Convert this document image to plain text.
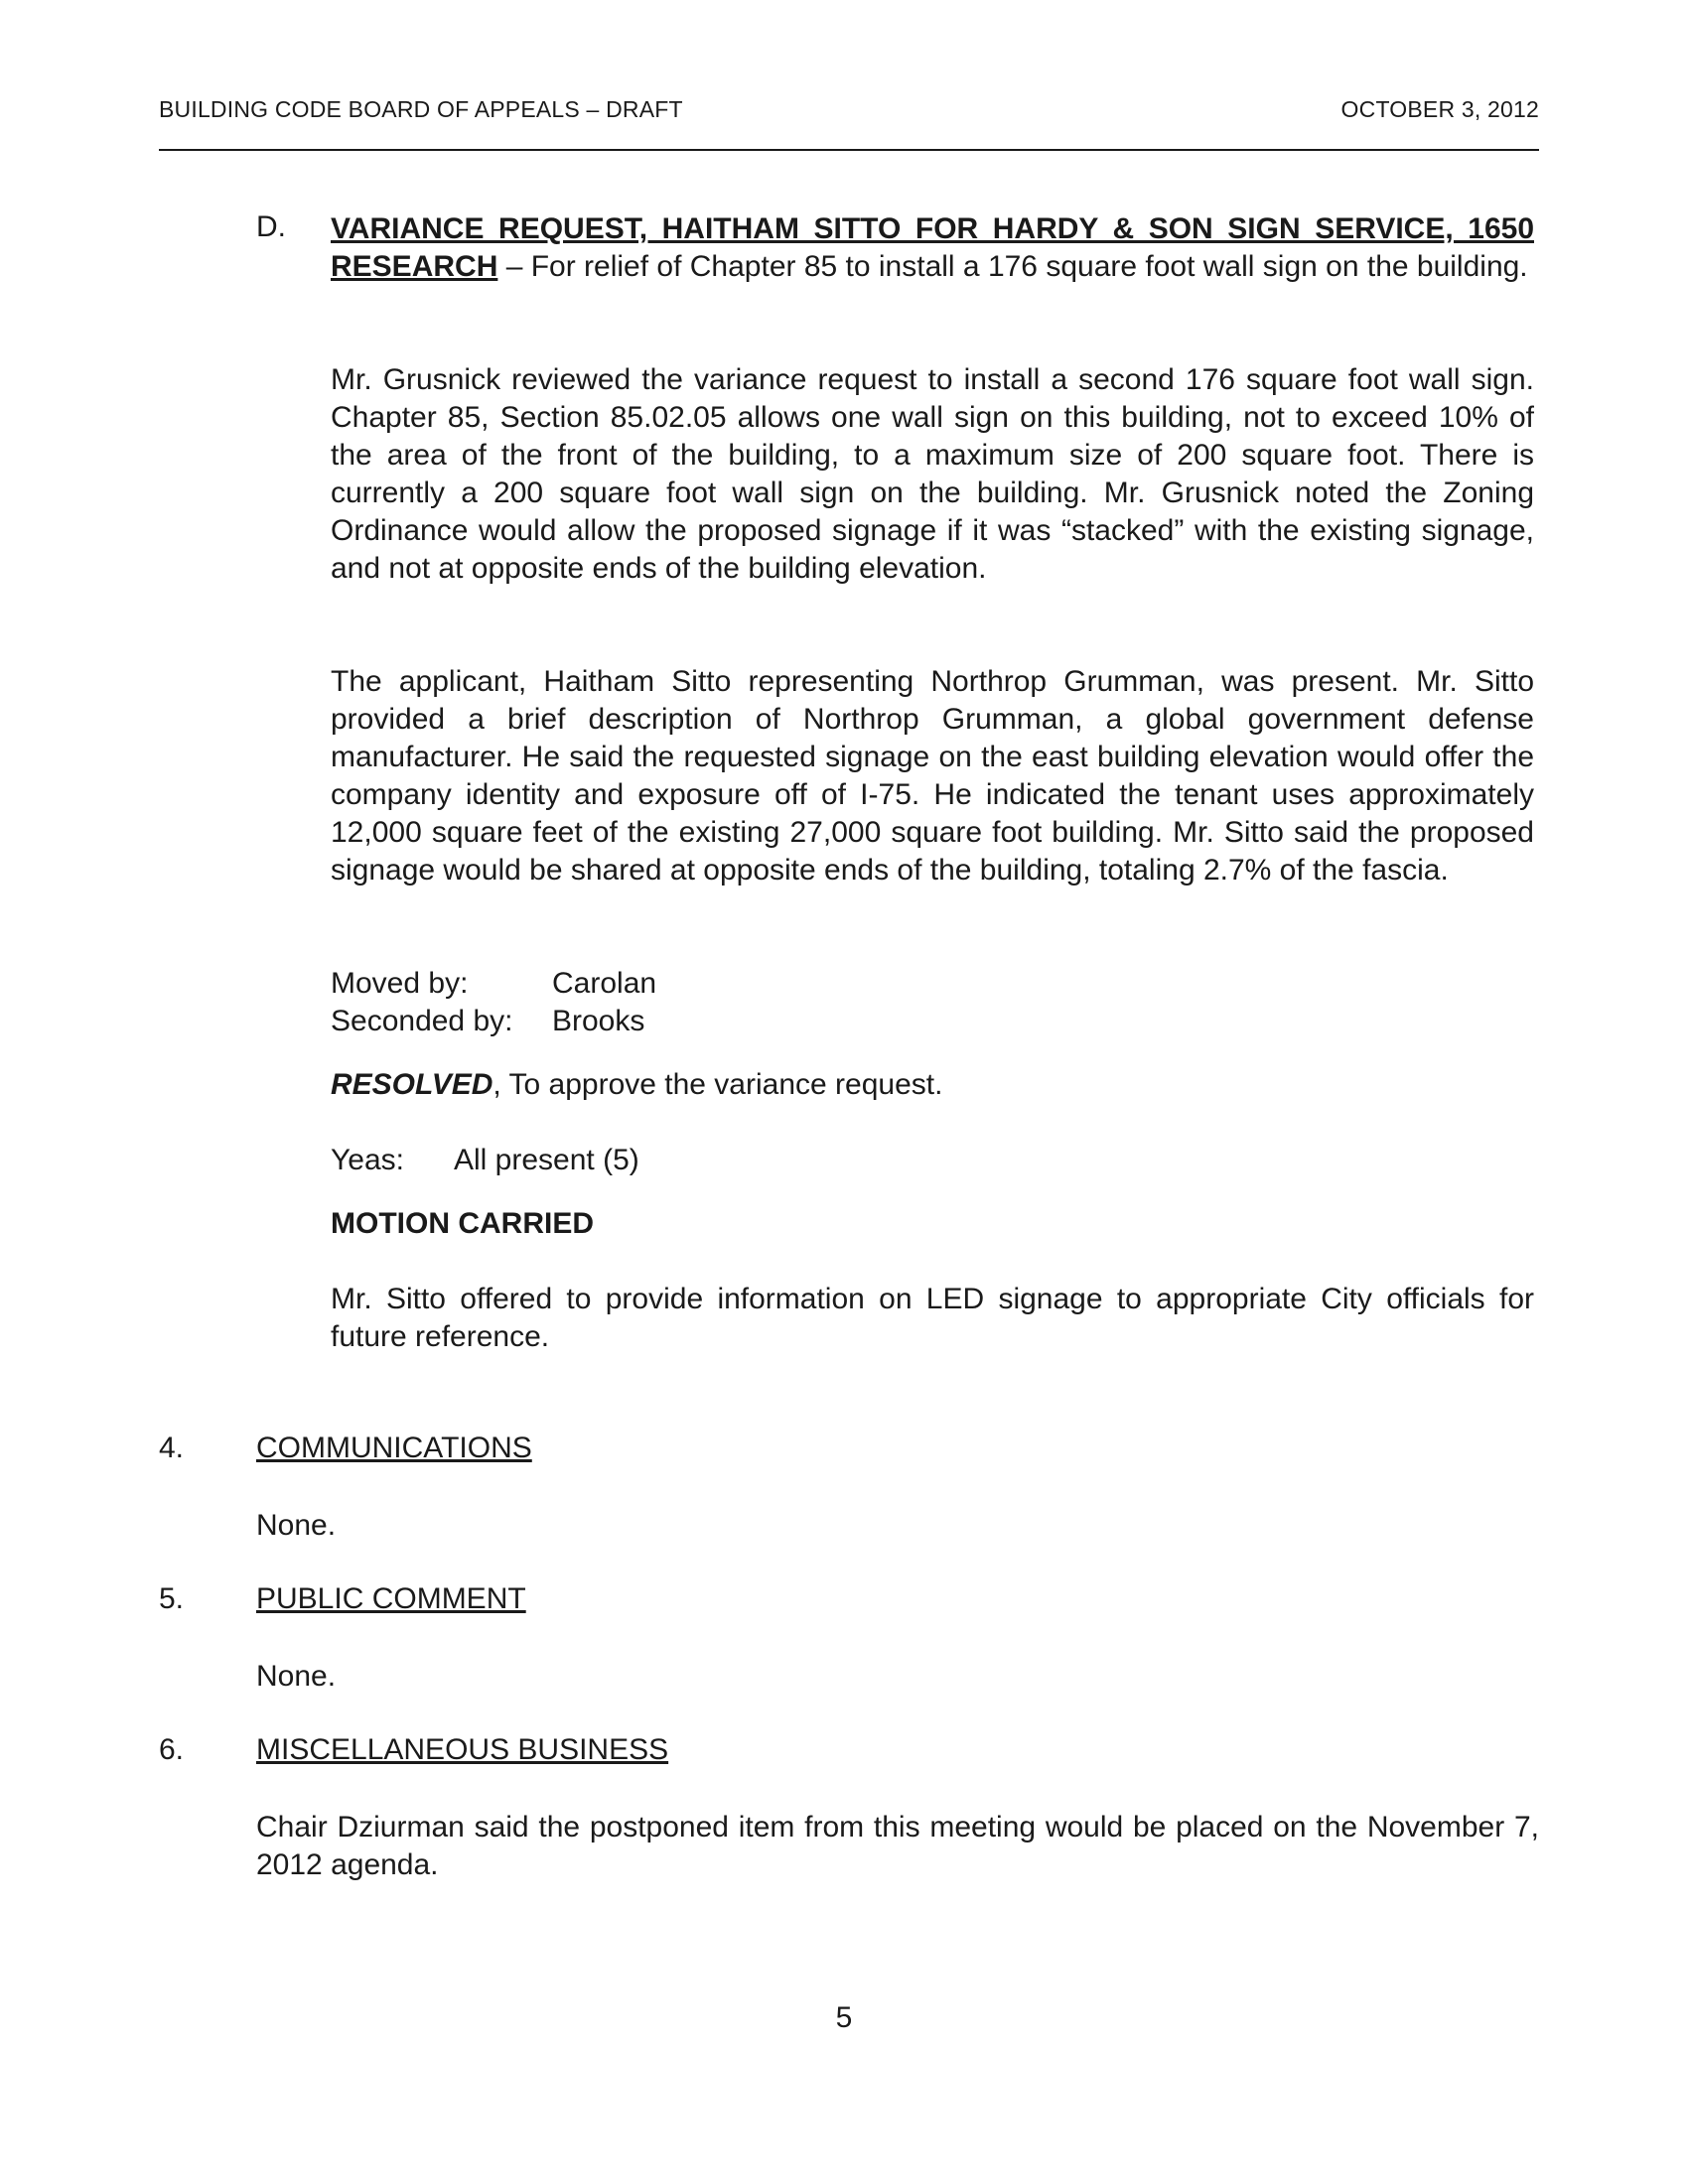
BUILDING CODE BOARD OF APPEALS – DRAFT	OCTOBER 3, 2012
D. VARIANCE REQUEST, HAITHAM SITTO FOR HARDY & SON SIGN SERVICE, 1650 RESEARCH – For relief of Chapter 85 to install a 176 square foot wall sign on the building.

Mr. Grusnick reviewed the variance request to install a second 176 square foot wall sign. Chapter 85, Section 85.02.05 allows one wall sign on this building, not to exceed 10% of the area of the front of the building, to a maximum size of 200 square foot. There is currently a 200 square foot wall sign on the building. Mr. Grusnick noted the Zoning Ordinance would allow the proposed signage if it was “stacked” with the existing signage, and not at opposite ends of the building elevation.

The applicant, Haitham Sitto representing Northrop Grumman, was present. Mr. Sitto provided a brief description of Northrop Grumman, a global government defense manufacturer. He said the requested signage on the east building elevation would offer the company identity and exposure off of I-75. He indicated the tenant uses approximately 12,000 square feet of the existing 27,000 square foot building. Mr. Sitto said the proposed signage would be shared at opposite ends of the building, totaling 2.7% of the fascia.

Moved by:	Carolan
Seconded by:	Brooks
RESOLVED, To approve the variance request.
Yeas:	All present (5)
MOTION CARRIED

Mr. Sitto offered to provide information on LED signage to appropriate City officials for future reference.

4. COMMUNICATIONS
None.
5. PUBLIC COMMENT
None.
6. MISCELLANEOUS BUSINESS
Chair Dziurman said the postponed item from this meeting would be placed on the November 7, 2012 agenda.
5
